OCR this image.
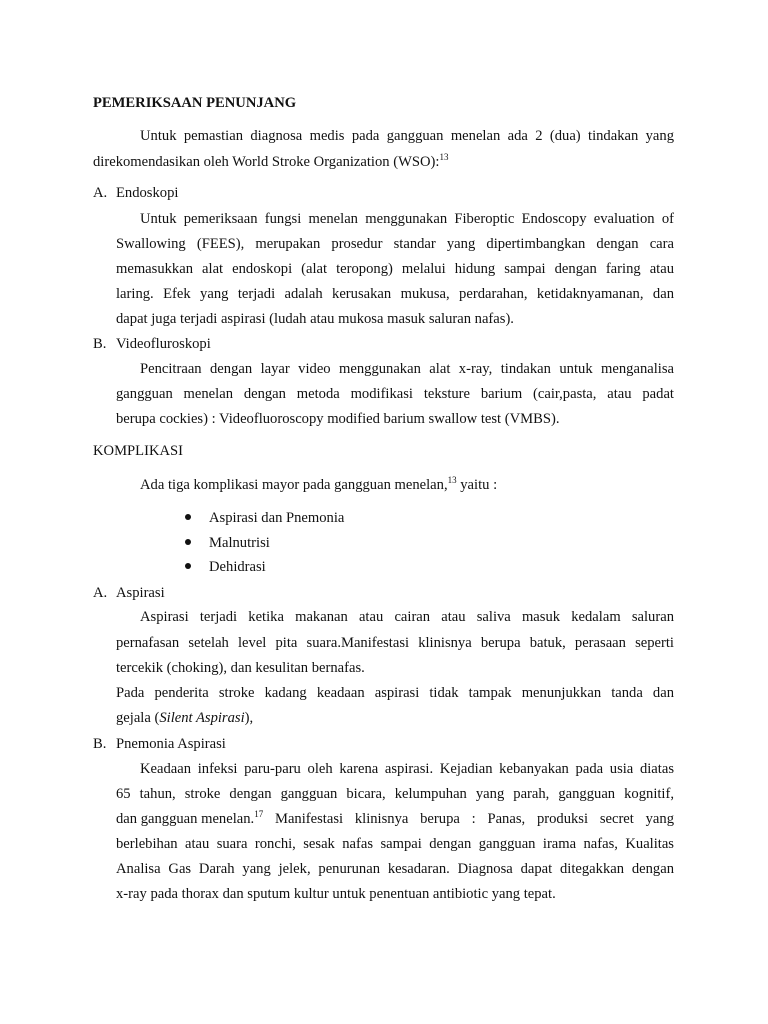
PEMERIKSAAN PENUNJANG
Untuk pemastian diagnosa medis pada gangguan menelan ada 2 (dua) tindakan yang
direkomendasikan oleh World Stroke Organization (WSO):$^{13}$
A. Endoskopi
Untuk pemeriksaan fungsi menelan menggunakan Fiberoptic Endoscopy evaluation of
Swallowing (FEES), merupakan prosedur standar yang dipertimbangkan dengan cara
memasukkan alat endoskopi (alat teropong) melalui hidung sampai dengan faring atau
laring. Efek yang terjadi adalah kerusakan mukusa, perdarahan, ketidaknyamanan, dan
dapat juga terjadi aspirasi (ludah atau mukosa masuk saluran nafas).
B. Videofluroskopi
Pencitraan dengan layar video menggunakan alat x-ray, tindakan untuk menganalisa
gangguan menelan dengan metoda modifikasi teksture barium (cair,pasta, atau padat
berupa cockies) : Videofluoroscopy modified barium swallow test (VMBS).
KOMPLIKASI
Ada tiga komplikasi mayor pada gangguan menelan,$^{13}$ yaitu :
Aspirasi dan Pnemonia
Malnutrisi
Dehidrasi
A. Aspirasi
Aspirasi terjadi ketika makanan atau cairan atau saliva masuk kedalam saluran
pernafasan setelah level pita suara.Manifestasi klinisnya berupa batuk, perasaan seperti
tercekik (choking), dan kesulitan bernafas.
Pada penderita stroke kadang keadaan aspirasi tidak tampak menunjukkan tanda dan
gejala (Silent Aspirasi),
B. Pnemonia Aspirasi
Keadaan infeksi paru-paru oleh karena aspirasi. Kejadian kebanyakan pada usia diatas
65 tahun, stroke dengan gangguan bicara, kelumpuhan yang parah, gangguan kognitif,
dan gangguan menelan.$^{17}$ Manifestasi klinisnya berupa : Panas, produksi secret yang
berlebihan atau suara ronchi, sesak nafas sampai dengan gangguan irama nafas, Kualitas
Analisa Gas Darah yang jelek, penurunan kesadaran. Diagnosa dapat ditegakkan dengan
x-ray pada thorax dan sputum kultur untuk penentuan antibiotic yang tepat.
